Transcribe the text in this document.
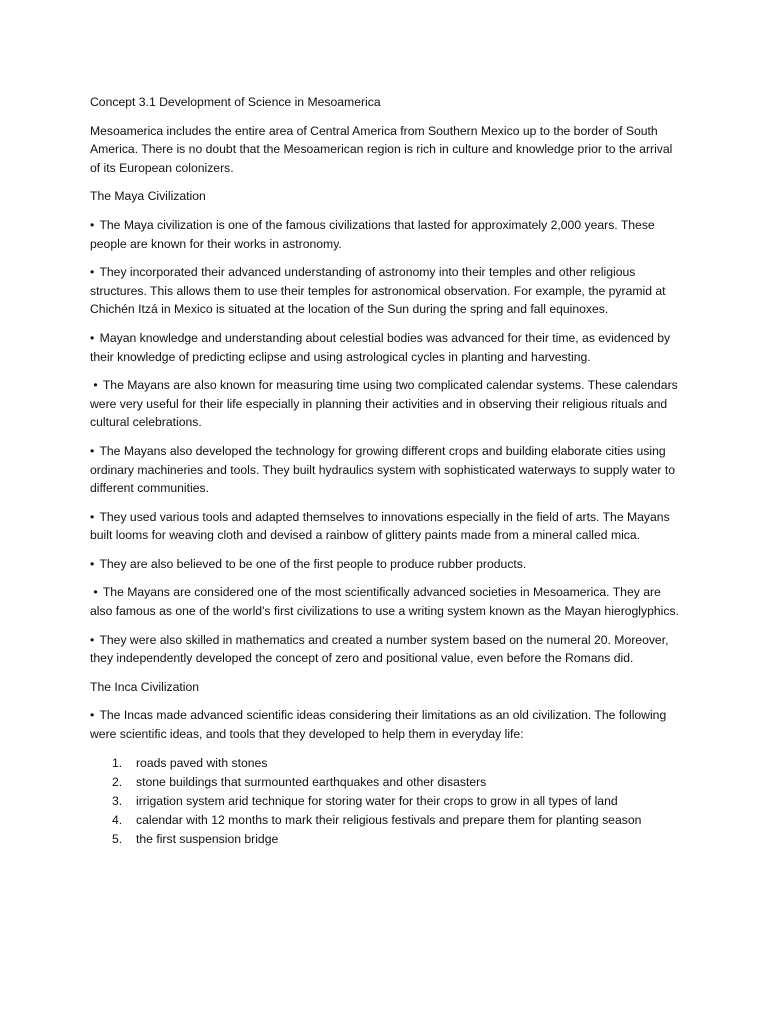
Concept 3.1 Development of Science in Mesoamerica

Mesoamerica includes the entire area of Central America from Southern Mexico up to the border of South America. There is no doubt that the Mesoamerican region is rich in culture and knowledge prior to the arrival of its European colonizers.

The Maya Civilization

• The Maya civilization is one of the famous civilizations that lasted for approximately 2,000 years. These people are known for their works in astronomy.

• They incorporated their advanced understanding of astronomy into their temples and other religious structures. This allows them to use their temples for astronomical observation. For example, the pyramid at Chichén Itzá in Mexico is situated at the location of the Sun during the spring and fall equinoxes.

• Mayan knowledge and understanding about celestial bodies was advanced for their time, as evidenced by their knowledge of predicting eclipse and using astrological cycles in planting and harvesting.

• The Mayans are also known for measuring time using two complicated calendar systems. These calendars were very useful for their life especially in planning their activities and in observing their religious rituals and cultural celebrations.

• The Mayans also developed the technology for growing different crops and building elaborate cities using ordinary machineries and tools. They built hydraulics system with sophisticated waterways to supply water to different communities.

• They used various tools and adapted themselves to innovations especially in the field of arts. The Mayans built looms for weaving cloth and devised a rainbow of glittery paints made from a mineral called mica.

• They are also believed to be one of the first people to produce rubber products.

• The Mayans are considered one of the most scientifically advanced societies in Mesoamerica. They are also famous as one of the world's first civilizations to use a writing system known as the Mayan hieroglyphics.

• They were also skilled in mathematics and created a number system based on the numeral 20. Moreover, they independently developed the concept of zero and positional value, even before the Romans did.

The Inca Civilization

• The Incas made advanced scientific ideas considering their limitations as an old civilization. The following were scientific ideas, and tools that they developed to help them in everyday life:

1. roads paved with stones
2. stone buildings that surmounted earthquakes and other disasters
3. irrigation system arid technique for storing water for their crops to grow in all types of land
4. calendar with 12 months to mark their religious festivals and prepare them for planting season
5. the first suspension bridge
